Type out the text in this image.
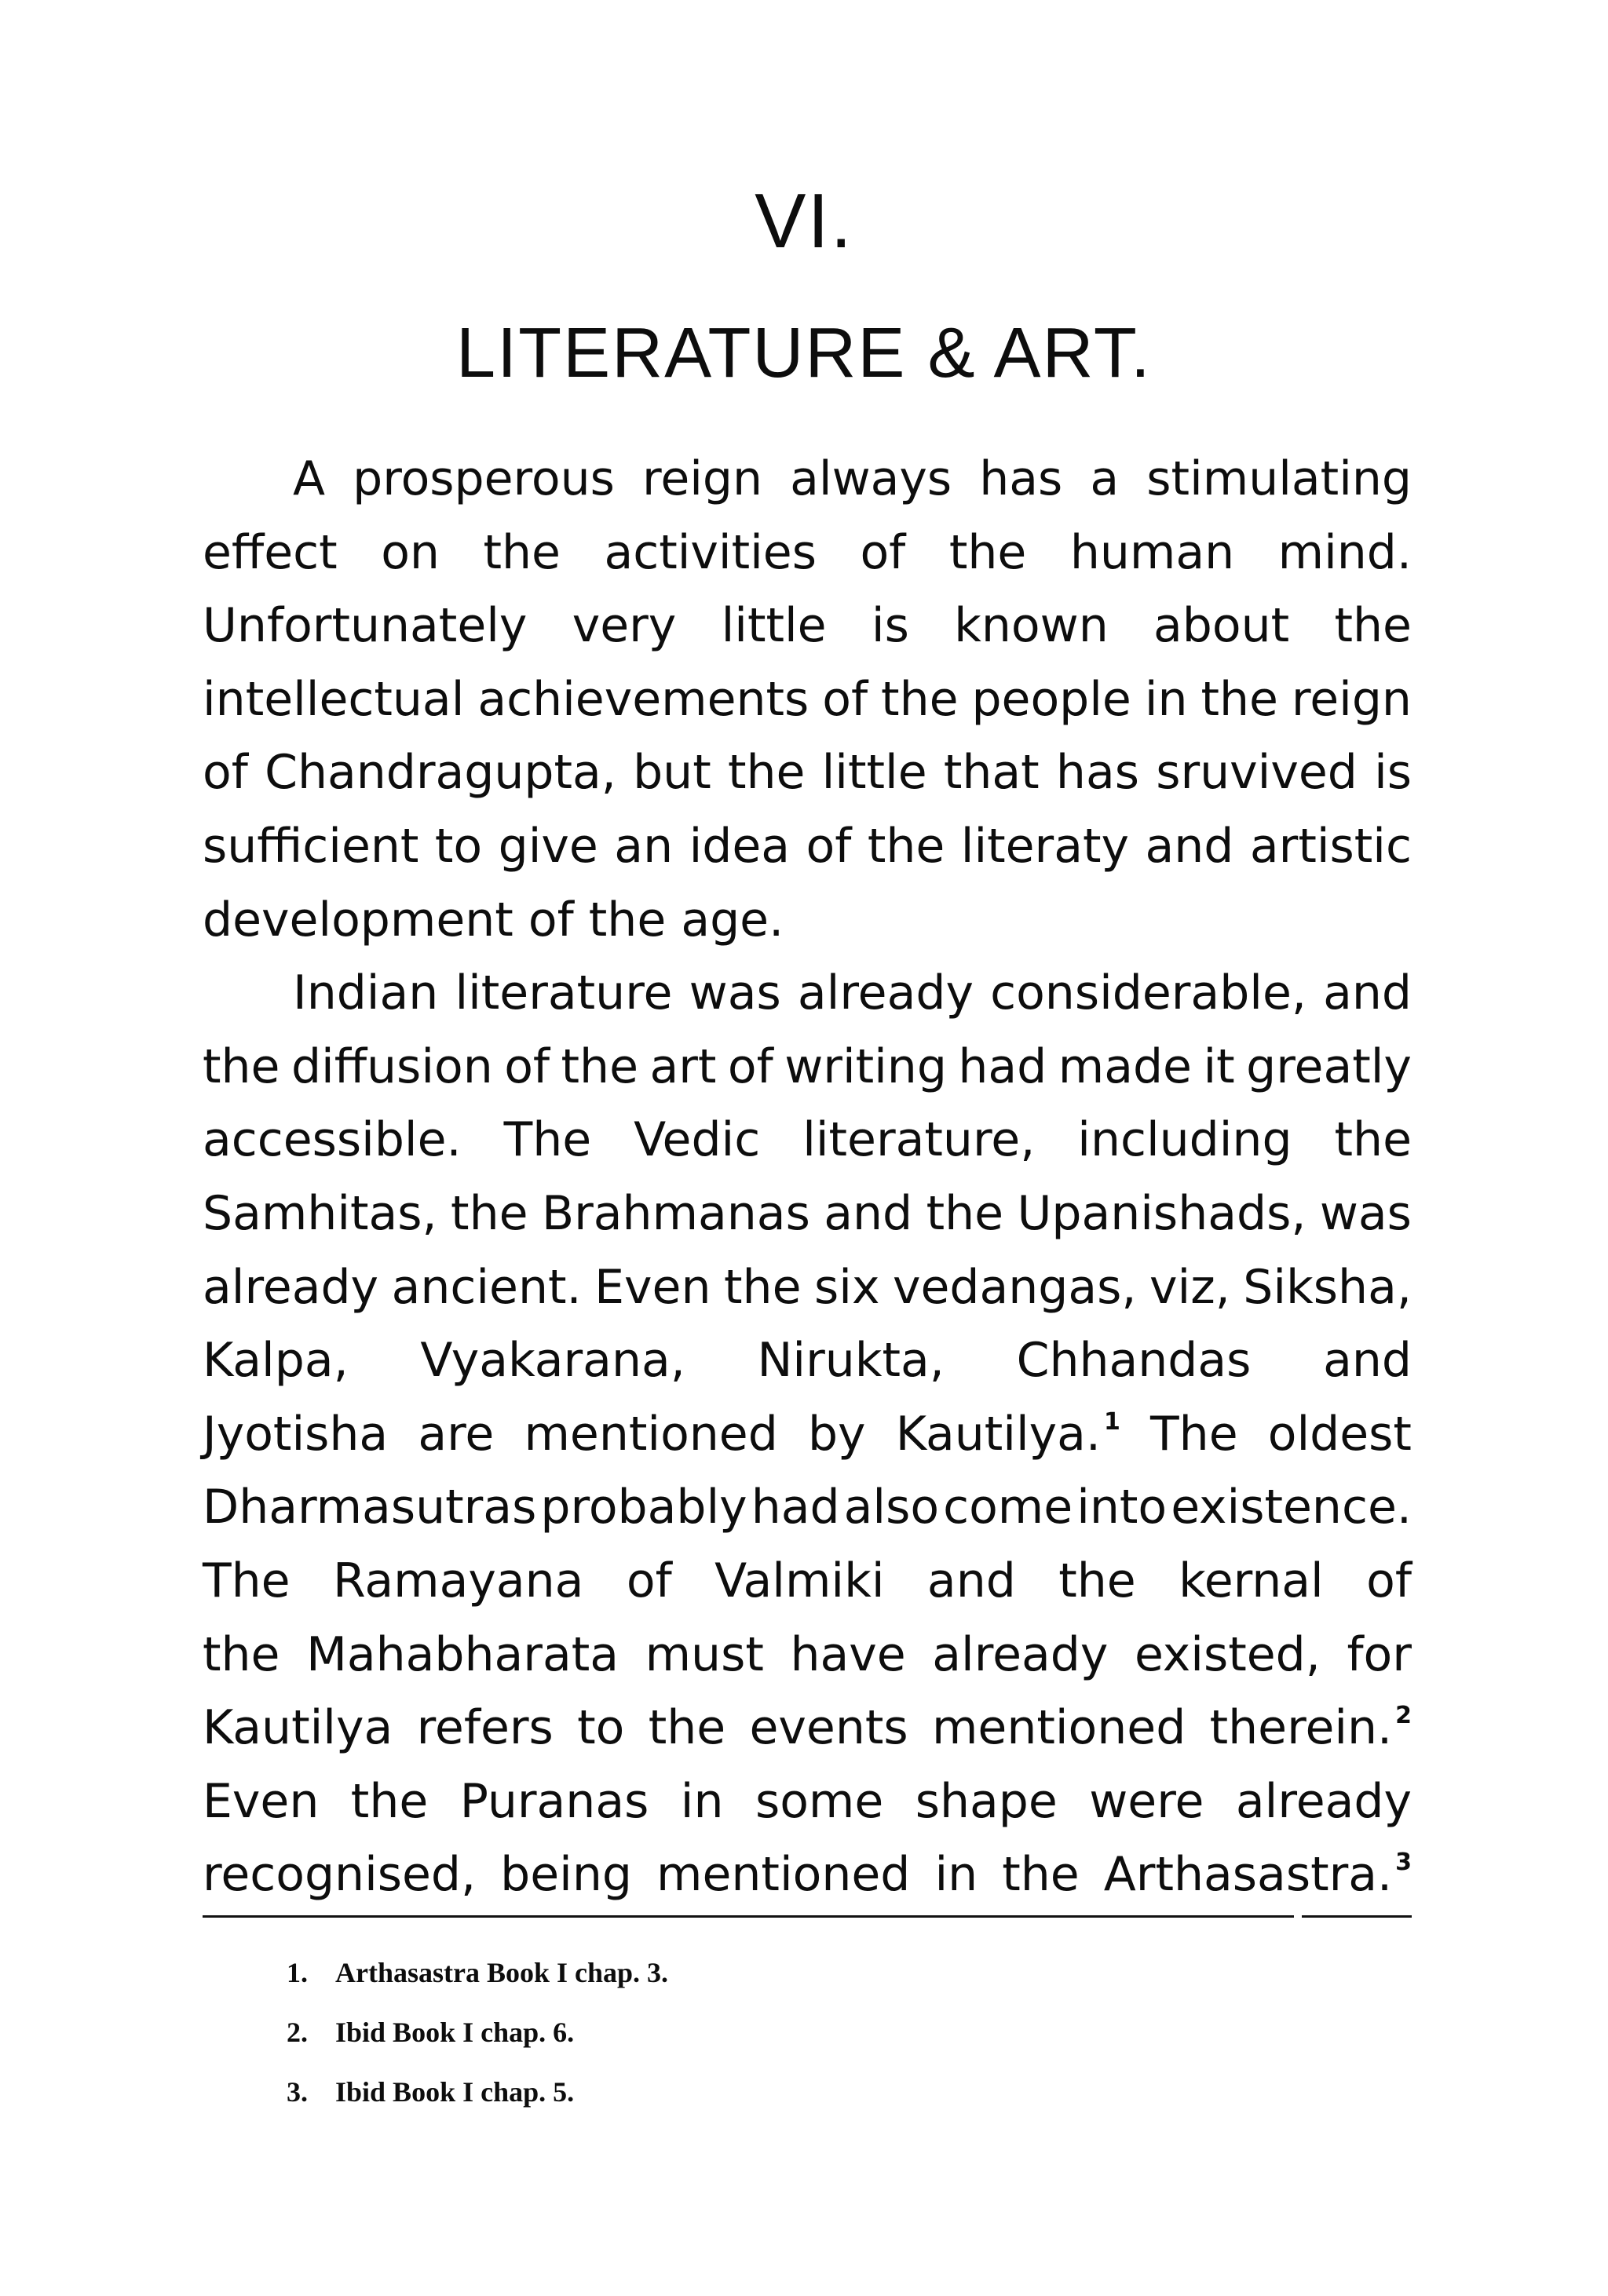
VI.
LITERATURE & ART.
A prosperous reign always has a stimulating
effect on the activities of the human mind.
Unfortunately very little is known about the
intellectual achievements of the people in the reign
of Chandragupta, but the little that has sruvived is
sufficient to give an idea of the literaty and artistic
development of the age.
Indian literature was already considerable, and
the diffusion of the art of writing had made it greatly
accessible. The Vedic literature, including the
Samhitas, the Brahmanas and the Upanishads, was
already ancient. Even the six vedangas, viz, Siksha,
Kalpa, Vyakarana, Nirukta, Chhandas and
Jyotisha are mentioned by Kautilya. $^1$ The oldest
Dharmasutras probably had also come into existence.
The Ramayana of Valmiki and the kernal of
the Mahabharata must have already existed, for
Kautilya refers to the events mentioned therein. $^2$
Even the Puranas in some shape were already
recognised, being mentioned in the Arthasastra. $^3$
1. Arthasastra Book I chap. 3.
2. Ibid Book I chap. 6.
3. Ibid Book I chap. 5.
